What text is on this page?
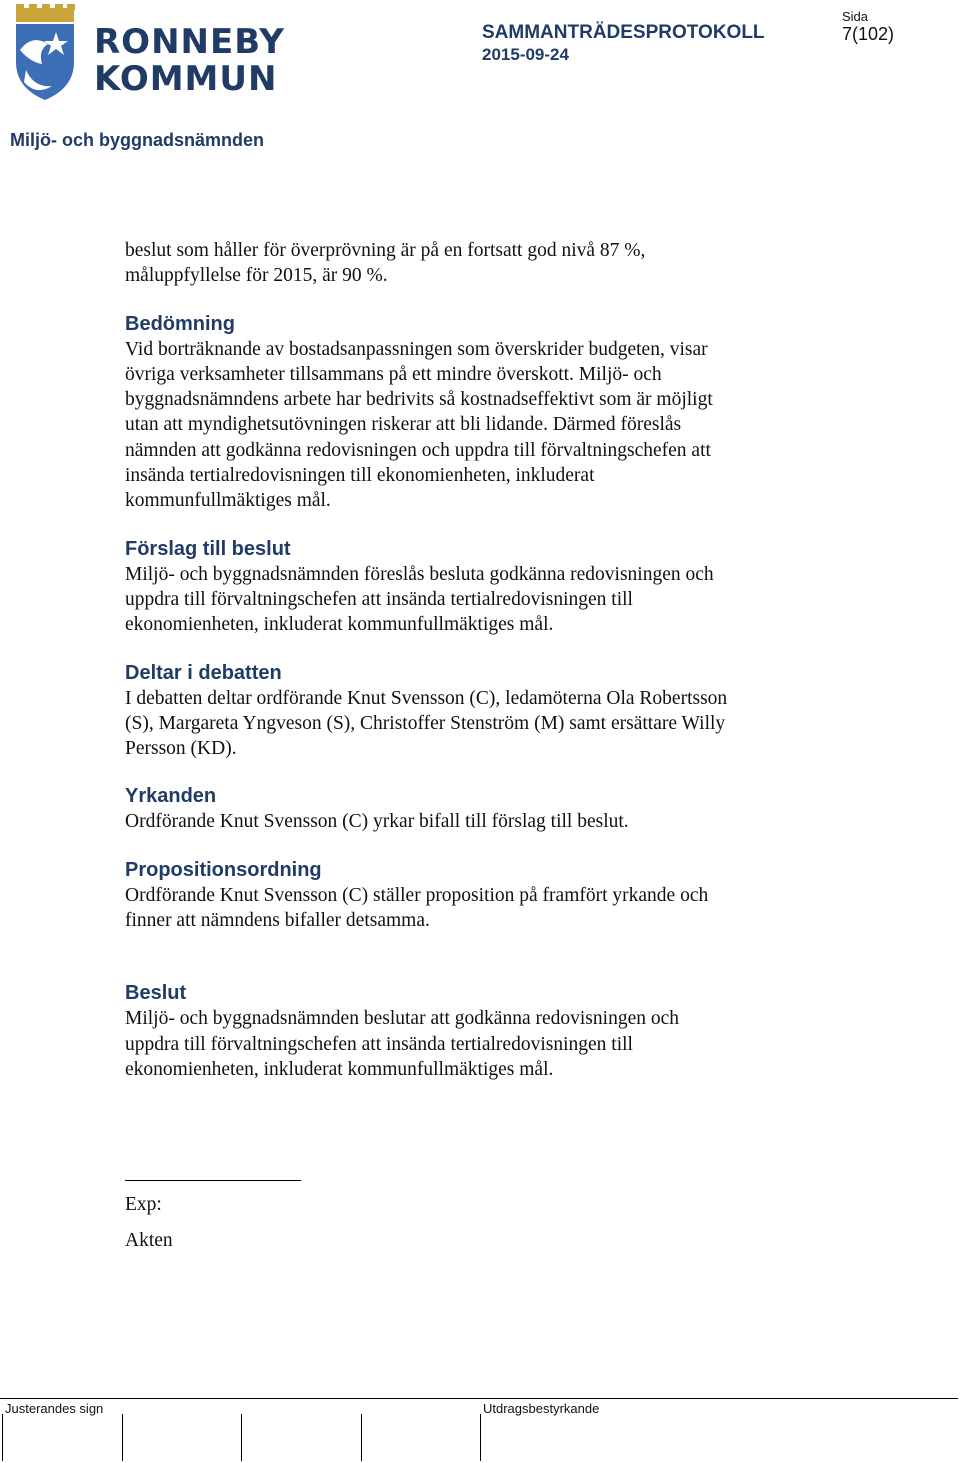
RONNEBY
KOMMUN
SAMMANTRÄDESPROTOKOLL
2015-09-24
Sida
7(102)
Miljö- och byggnadsnämnden

beslut som håller för överprövning är på en fortsatt god nivå 87 %,
måluppfyllelse för 2015, är 90 %.

Bedömning

Vid borträknande av bostadsanpassningen som överskrider budgeten, visar
övriga verksamheter tillsammans på ett mindre överskott. Miljö- och
byggnadsnämndens arbete har bedrivits så kostnadseffektivt som är möjligt
utan att myndighetsutövningen riskerar att bli lidande. Därmed föreslås
nämnden att godkänna redovisningen och uppdra till förvaltningschefen att
insända tertialredovisningen till ekonomienheten, inkluderat
kommunfullmäktiges mål.

Förslag till beslut

Miljö- och byggnadsnämnden föreslås besluta godkänna redovisningen och
uppdra till förvaltningschefen att insända tertialredovisningen till
ekonomienheten, inkluderat kommunfullmäktiges mål.

Deltar i debatten

I debatten deltar ordförande Knut Svensson (C), ledamöterna Ola Robertsson
(S), Margareta Yngveson (S), Christoffer Stenström (M) samt ersättare Willy
Persson (KD).

Yrkanden

Ordförande Knut Svensson (C) yrkar bifall till förslag till beslut.

Propositionsordning

Ordförande Knut Svensson (C) ställer proposition på framfört yrkande och
finner att nämndens bifaller detsamma.

Beslut

Miljö- och byggnadsnämnden beslutar att godkänna redovisningen och
uppdra till förvaltningschefen att insända tertialredovisningen till
ekonomienheten, inkluderat kommunfullmäktiges mål.

Exp:
Akten
Justerandes sign	Utdragsbestyrkande
